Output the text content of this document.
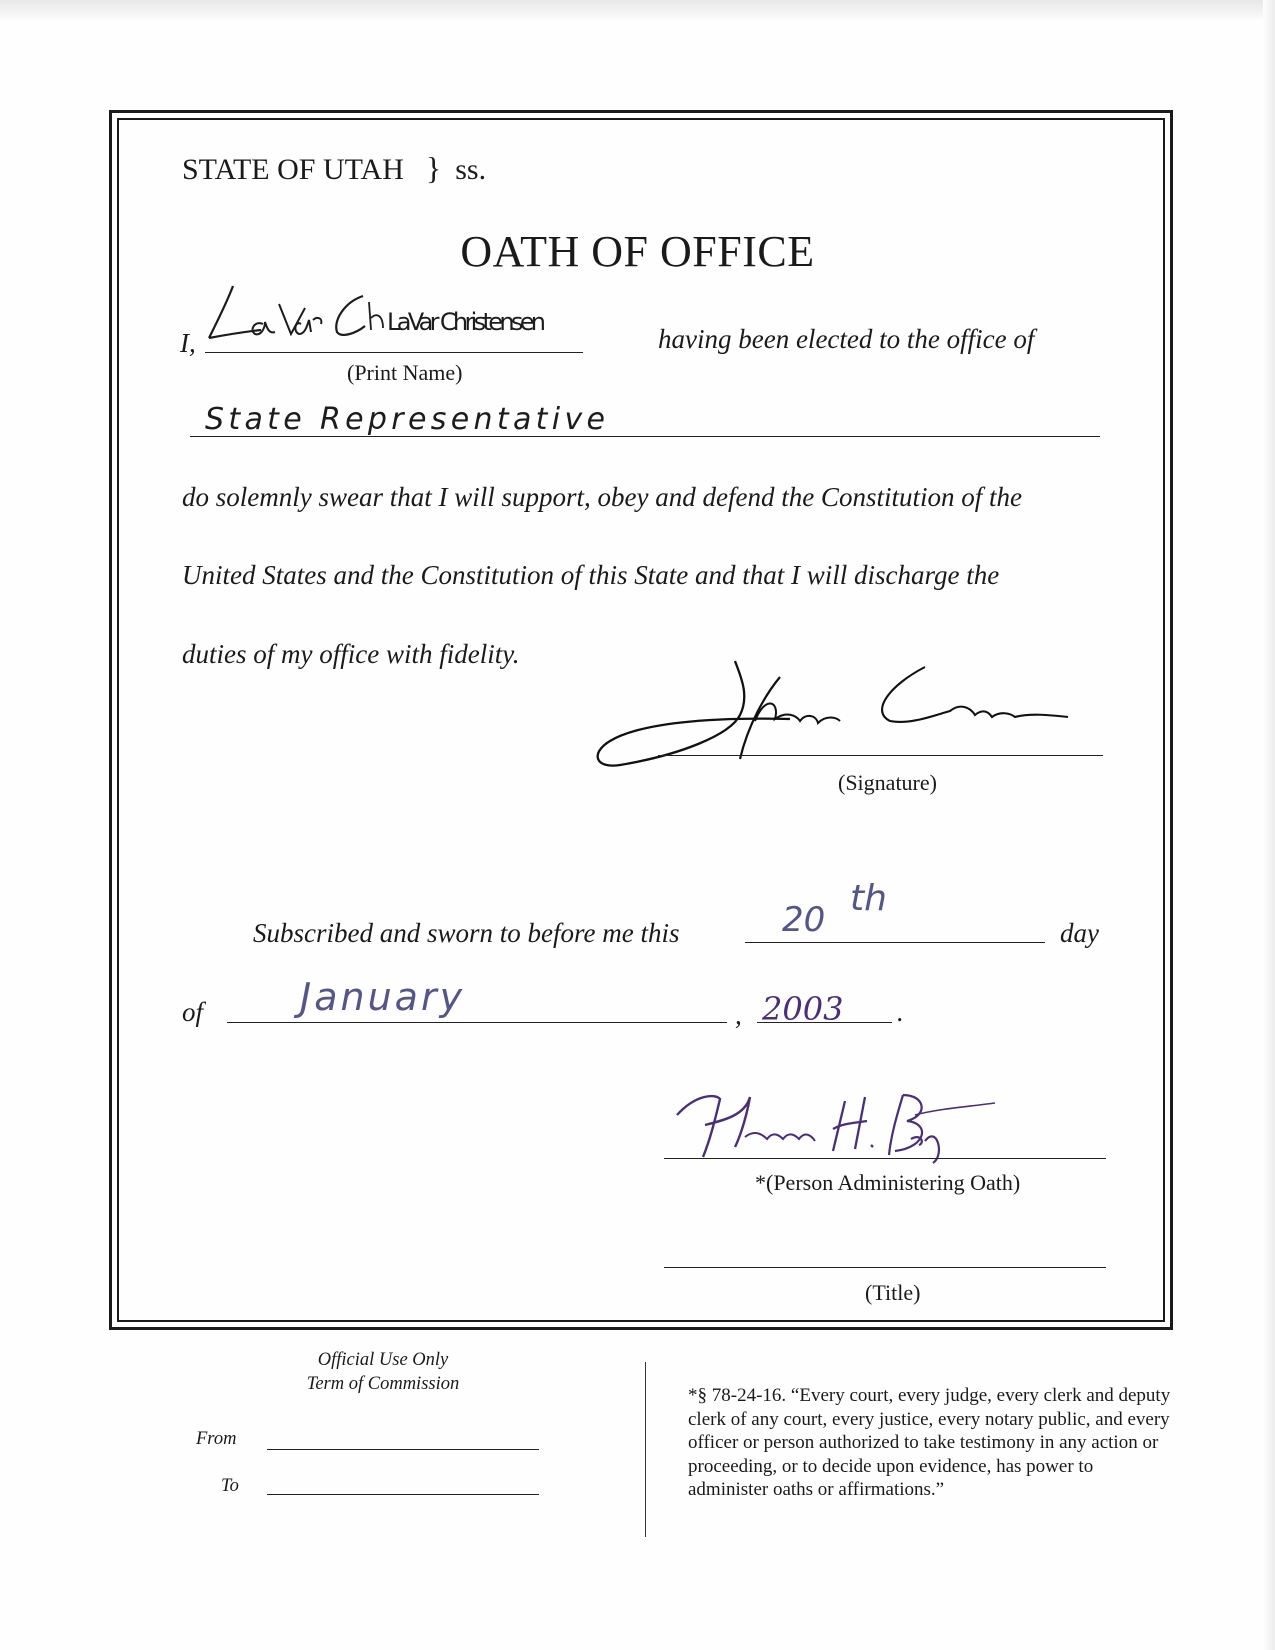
STATE OF UTAH } ss.
OATH OF OFFICE
I,
LaVar Christensen
having been elected to the office of
(Print Name)
State Representative
do solemnly swear that I will support, obey and defend the Constitution of the
United States and the Constitution of this State and that I will discharge the
duties of my office with fidelity.
LaVar Christensen
(Signature)
Subscribed and sworn to before me this	20
th
day
of	January	, 2003 .
Norman H. Bangerter
*(Person Administering Oath)
(Title)
Official Use Only
Term of Commission
From
To
*§ 78-24-16. “Every court, every judge, every clerk and deputy clerk of any court, every justice, every notary public, and every officer or person authorized to take testimony in any action or proceeding, or to decide upon evidence, has power to administer oaths or affirmations.”
